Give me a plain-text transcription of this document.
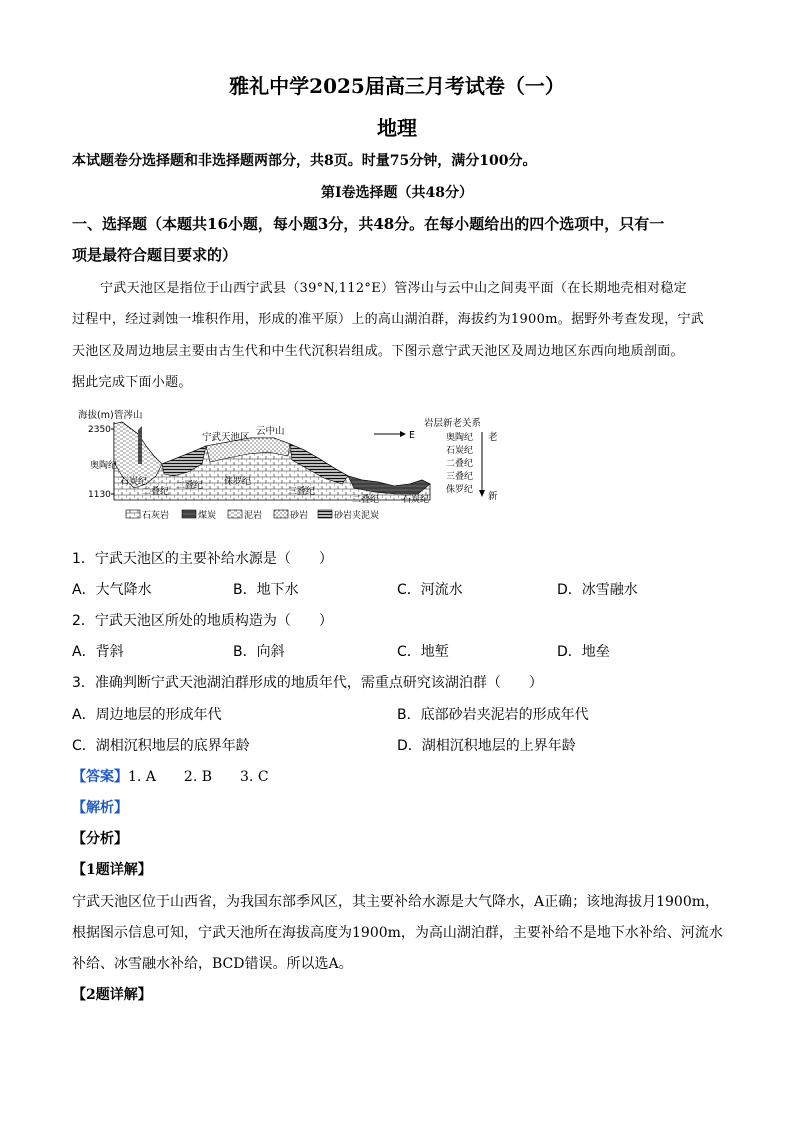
雅礼中学2025届高三月考试卷（一）
地理
本试题卷分选择题和非选择题两部分，共8页。时量75分钟，满分100分。
第Ⅰ卷选择题（共48分）
一、选择题（本题共16小题，每小题3分，共48分。在每小题给出的四个选项中，只有一
项是最符合题目要求的）
宁武天池区是指位于山西宁武县（39°N,112°E）管涔山与云中山之间夷平面（在长期地壳相对稳定
过程中，经过剥蚀一堆积作用，形成的准平原）上的高山湖泊群，海拔约为1900m。据野外考查发现，宁武
天池区及周边地层主要由古生代和中生代沉积岩组成。下图示意宁武天池区及周边地区东西向地质剖面。
据此完成下面小题。
海拔(m) 管涔山
2350
1130
宁武天池区
云中山
奥陶纪
石炭纪
二叠纪
二叠纪 侏罗纪
三叠纪
二叠纪	石炭纪
E
岩层新老关系
奥陶纪
石炭纪
二叠纪
三叠纪
侏罗纪
老
新
石灰岩	煤炭	泥岩	砂岩	砂岩夹泥炭
1．宁武天池区的主要补给水源是（　　）
A．大气降水	B．地下水	C．河流水	D．冰雪融水
2．宁武天池区所处的地质构造为（　　）
A．背斜	B．向斜	C．地堑	D．地垒
3．准确判断宁武天池湖泊群形成的地质年代，需重点研究该湖泊群（　　）
A．周边地层的形成年代	B．底部砂岩夹泥岩的形成年代
C．湖相沉积地层的底界年龄	D．湖相沉积地层的上界年龄
【答案】1. A　　2. B　　3. C
【解析】
【分析】
【1题详解】
宁武天池区位于山西省，为我国东部季风区，其主要补给水源是大气降水，A正确；该地海拔月1900m，
根据图示信息可知，宁武天池所在海拔高度为1900m，为高山湖泊群，主要补给不是地下水补给、河流水
补给、冰雪融水补给，BCD错误。所以选A。
【2题详解】
